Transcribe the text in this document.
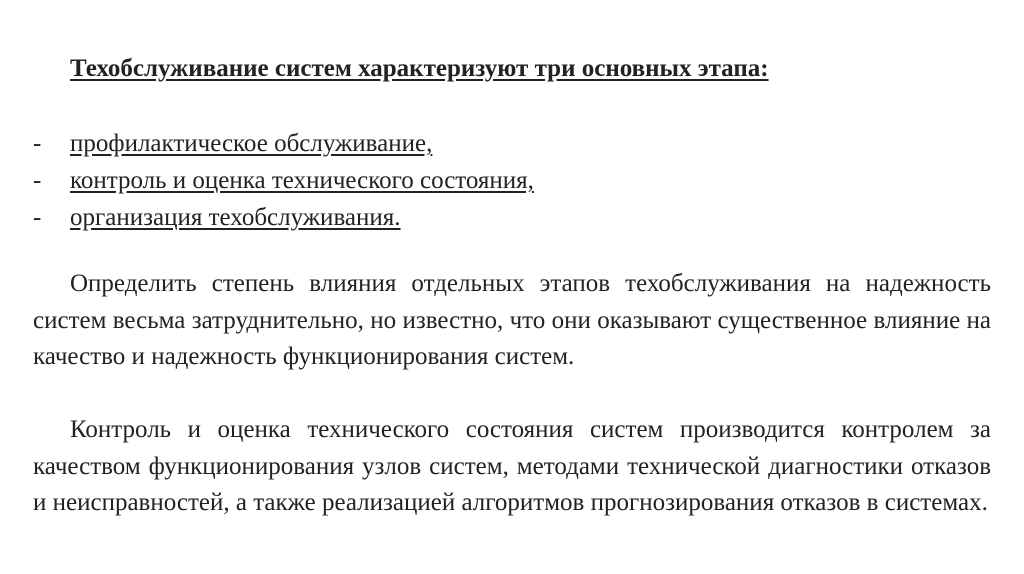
Техобслуживание систем характеризуют три основных этапа:
- профилактическое обслуживание,
- контроль и оценка технического состояния,
- организация техобслуживания.

Определить степень влияния отдельных этапов техобслуживания на надежность систем весьма затруднительно, но известно, что они оказывают существенное влияние на качество и надежность функционирования систем.

Контроль и оценка технического состояния систем производится контролем за качеством функционирования узлов систем, методами технической диагностики отказов и неисправностей, а также реализацией алгоритмов прогнозирования отказов в системах.
